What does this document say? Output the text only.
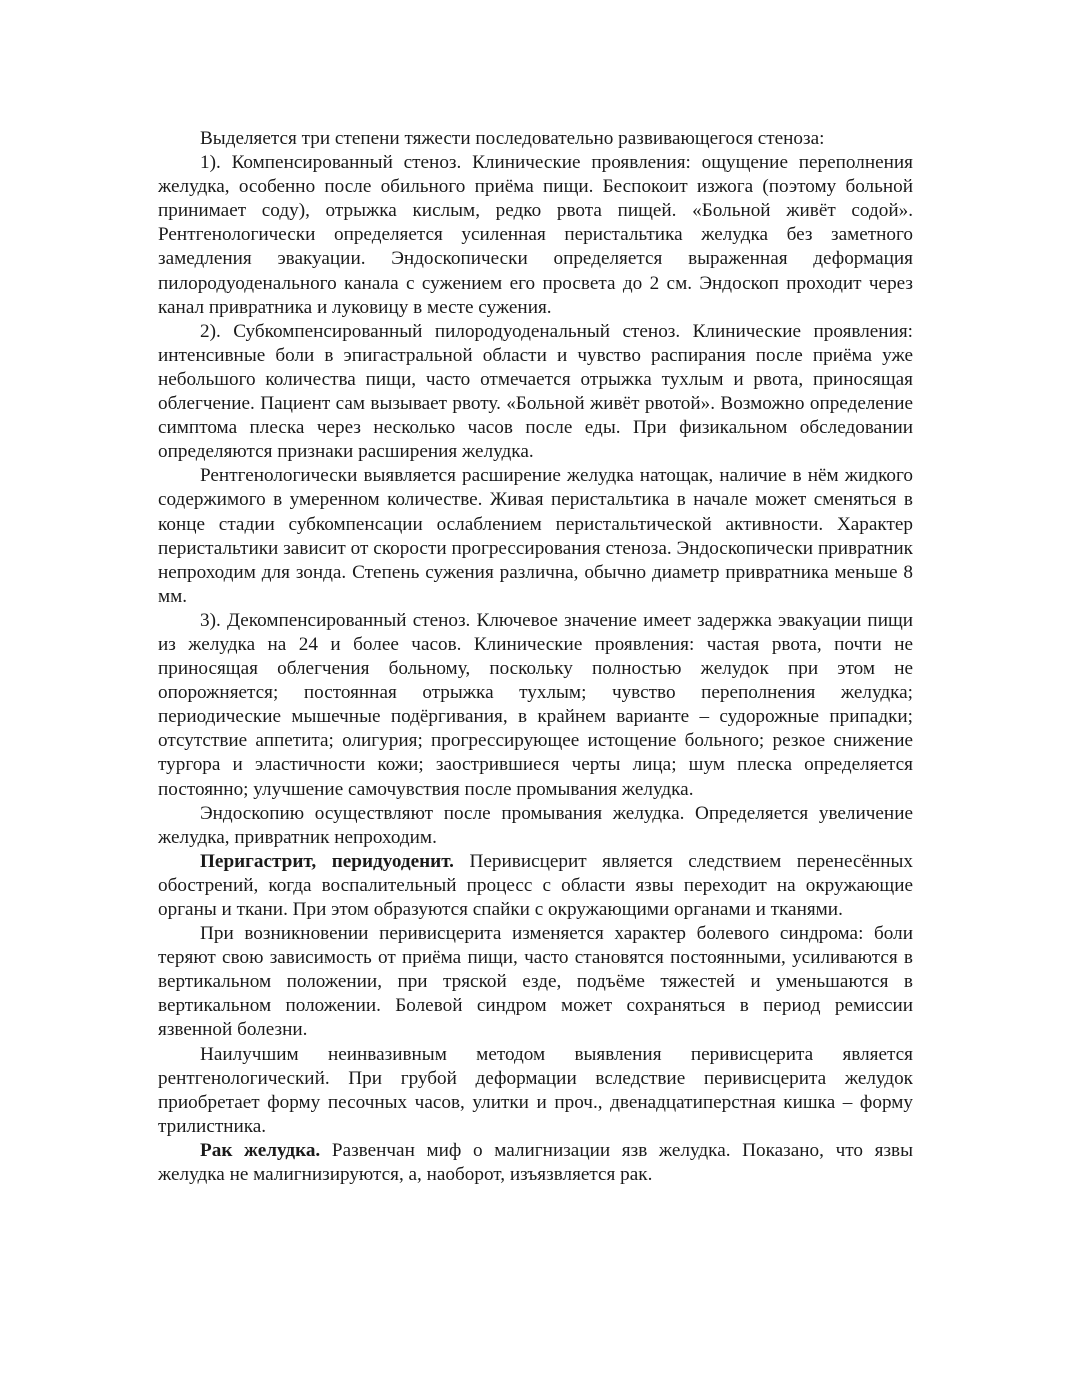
Выделяется три степени тяжести последовательно развивающегося стеноза:

1). Компенсированный стеноз. Клинические проявления: ощущение переполнения желудка, особенно после обильного приёма пищи. Беспокоит изжога (поэтому больной принимает соду), отрыжка кислым, редко рвота пищей. «Больной живёт содой». Рентгенологически определяется усиленная перистальтика желудка без заметного замедления эвакуации. Эндоскопически определяется выраженная деформация пилородуоденального канала с сужением его просвета до 2 см. Эндоскоп проходит через канал привратника и луковицу в месте сужения.

2). Субкомпенсированный пилородуоденальный стеноз. Клинические проявления: интенсивные боли в эпигастральной области и чувство распирания после приёма уже небольшого количества пищи, часто отмечается отрыжка тухлым и рвота, приносящая облегчение. Пациент сам вызывает рвоту. «Больной живёт рвотой». Возможно определение симптома плеска через несколько часов после еды. При физикальном обследовании определяются признаки расширения желудка.

Рентгенологически выявляется расширение желудка натощак, наличие в нём жидкого содержимого в умеренном количестве. Живая перистальтика в начале может сменяться в конце стадии субкомпенсации ослаблением перистальтической активности. Характер перистальтики зависит от скорости прогрессирования стеноза. Эндоскопически привратник непроходим для зонда. Степень сужения различна, обычно диаметр привратника меньше 8 мм.

3). Декомпенсированный стеноз. Ключевое значение имеет задержка эвакуации пищи из желудка на 24 и более часов. Клинические проявления: частая рвота, почти не приносящая облегчения больному, поскольку полностью желудок при этом не опорожняется; постоянная отрыжка тухлым; чувство переполнения желудка; периодические мышечные подёргивания, в крайнем варианте – судорожные припадки; отсутствие аппетита; олигурия; прогрессирующее истощение больного; резкое снижение тургора и эластичности кожи; заострившиеся черты лица; шум плеска определяется постоянно; улучшение самочувствия после промывания желудка.

Эндоскопию осуществляют после промывания желудка. Определяется увеличение желудка, привратник непроходим.

Перигастрит, перидуоденит. Перивисцерит является следствием перенесённых обострений, когда воспалительный процесс с области язвы переходит на окружающие органы и ткани. При этом образуются спайки с окружающими органами и тканями.

При возникновении перивисцерита изменяется характер болевого синдрома: боли теряют свою зависимость от приёма пищи, часто становятся постоянными, усиливаются в вертикальном положении, при тряской езде, подъёме тяжестей и уменьшаются в вертикальном положении. Болевой синдром может сохраняться в период ремиссии язвенной болезни.

Наилучшим неинвазивным методом выявления перивисцерита является рентгенологический. При грубой деформации вследствие перивисцерита желудок приобретает форму песочных часов, улитки и проч., двенадцатиперстная кишка – форму трилистника.

Рак желудка. Развенчан миф о малигнизации язв желудка. Показано, что язвы желудка не малигнизируются, а, наоборот, изъязвляется рак.
